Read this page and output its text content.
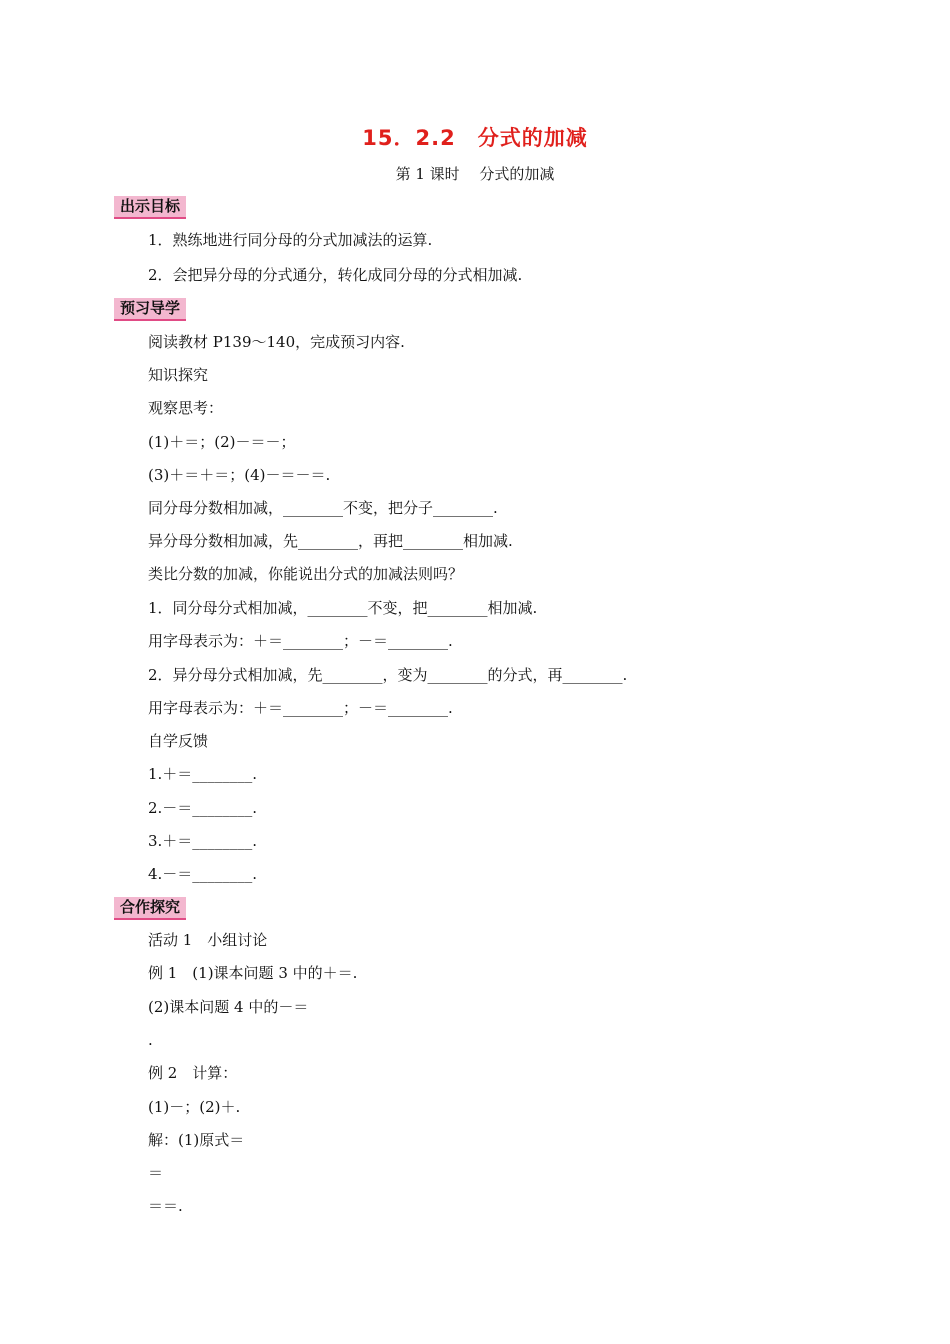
15．2.2　分式的加减
第 1 课时　 分式的加减
出示目标
1．熟练地进行同分母的分式加减法的运算.
2．会把异分母的分式通分，转化成同分母的分式相加减.
预习导学
阅读教材 P139～140，完成预习内容.
知识探究
观察思考：
(1)＋＝；(2)－＝－；
(3)＋＝＋＝；(4)－＝－＝.
同分母分数相加减，________不变，把分子________.
异分母分数相加减，先________，再把________相加减.
类比分数的加减，你能说出分式的加减法则吗？
1．同分母分式相加减，________不变，把________相加减.
用字母表示为：＋＝________；－＝________.
2．异分母分式相加减，先________，变为________的分式，再________.
用字母表示为：＋＝________；－＝________.
自学反馈
1.＋＝________.
2.－＝________.
3.＋＝________.
4.－＝________.
合作探究
活动 1　小组讨论
例 1　(1)课本问题 3 中的＋＝.
(2)课本问题 4 中的－＝
.
例 2　计算：
(1)－；(2)＋.
解：(1)原式＝
＝
＝＝.
